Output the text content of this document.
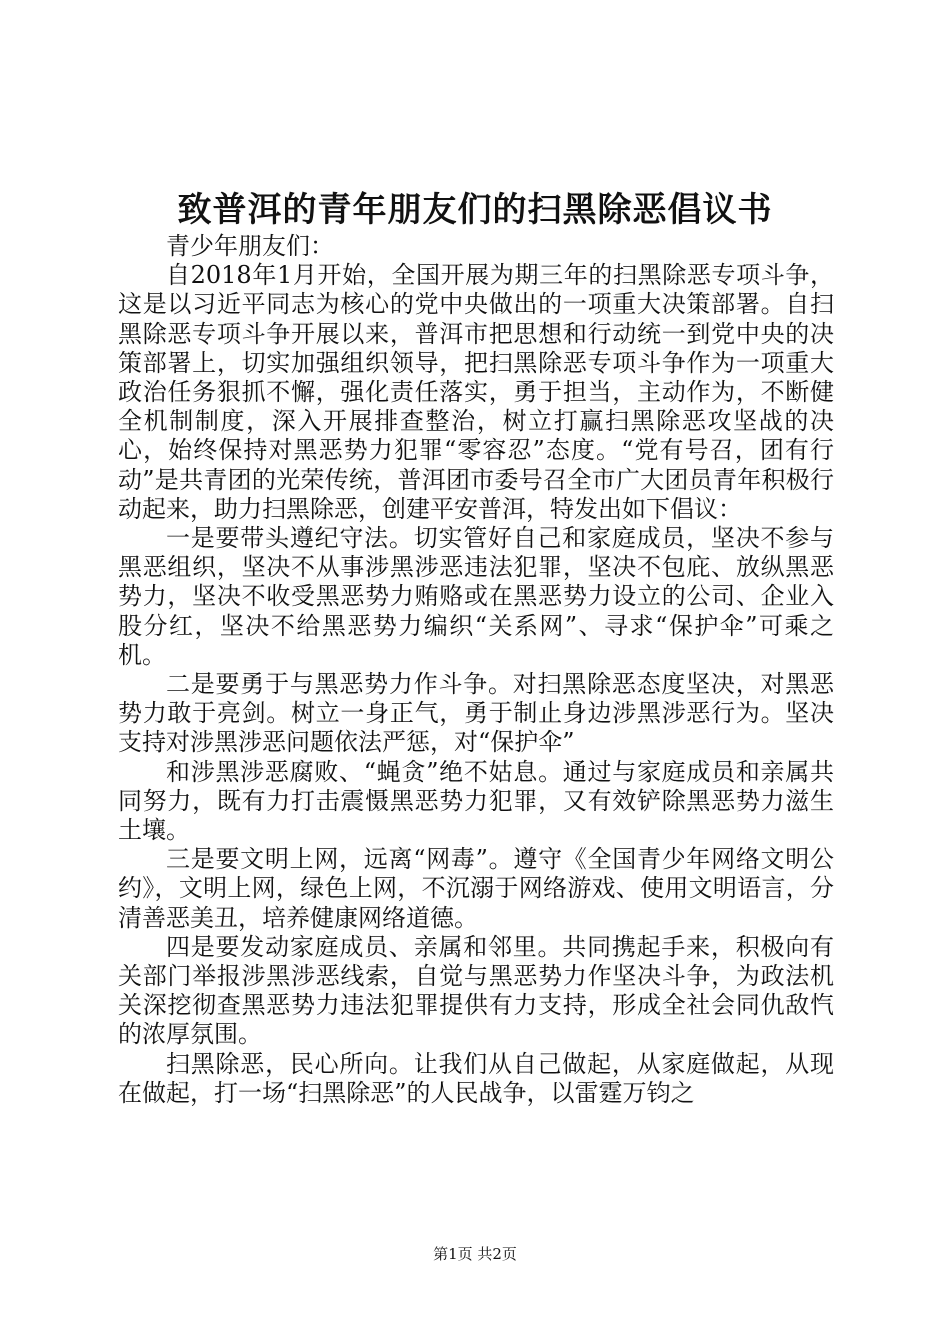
致普洱的青年朋友们的扫黑除恶倡议书

青少年朋友们：

自2018年1月开始，全国开展为期三年的扫黑除恶专项斗争，这是以习近平同志为核心的党中央做出的一项重大决策部署。自扫黑除恶专项斗争开展以来，普洱市把思想和行动统一到党中央的决策部署上，切实加强组织领导，把扫黑除恶专项斗争作为一项重大政治任务狠抓不懈，强化责任落实，勇于担当，主动作为，不断健全机制制度，深入开展排查整治，树立打赢扫黑除恶攻坚战的决心，始终保持对黑恶势力犯罪“零容忍”态度。“党有号召，团有行动”是共青团的光荣传统，普洱团市委号召全市广大团员青年积极行动起来，助力扫黑除恶，创建平安普洱，特发出如下倡议：

一是要带头遵纪守法。切实管好自己和家庭成员，坚决不参与黑恶组织，坚决不从事涉黑涉恶违法犯罪，坚决不包庇、放纵黑恶势力，坚决不收受黑恶势力贿赂或在黑恶势力设立的公司、企业入股分红，坚决不给黑恶势力编织“关系网”、寻求“保护伞”可乘之机。

二是要勇于与黑恶势力作斗争。对扫黑除恶态度坚决，对黑恶势力敢于亮剑。树立一身正气，勇于制止身边涉黑涉恶行为。坚决支持对涉黑涉恶问题依法严惩，对“保护伞”

和涉黑涉恶腐败、“蝇贪”绝不姑息。通过与家庭成员和亲属共同努力，既有力打击震慑黑恶势力犯罪，又有效铲除黑恶势力滋生土壤。

三是要文明上网，远离“网毒”。遵守《全国青少年网络文明公约》，文明上网，绿色上网，不沉溺于网络游戏、使用文明语言，分清善恶美丑，培养健康网络道德。

四是要发动家庭成员、亲属和邻里。共同携起手来，积极向有关部门举报涉黑涉恶线索，自觉与黑恶势力作坚决斗争，为政法机关深挖彻查黑恶势力违法犯罪提供有力支持，形成全社会同仇敌忾的浓厚氛围。

扫黑除恶，民心所向。让我们从自己做起，从家庭做起，从现在做起，打一场“扫黑除恶”的人民战争，以雷霆万钧之

第1页 共2页
